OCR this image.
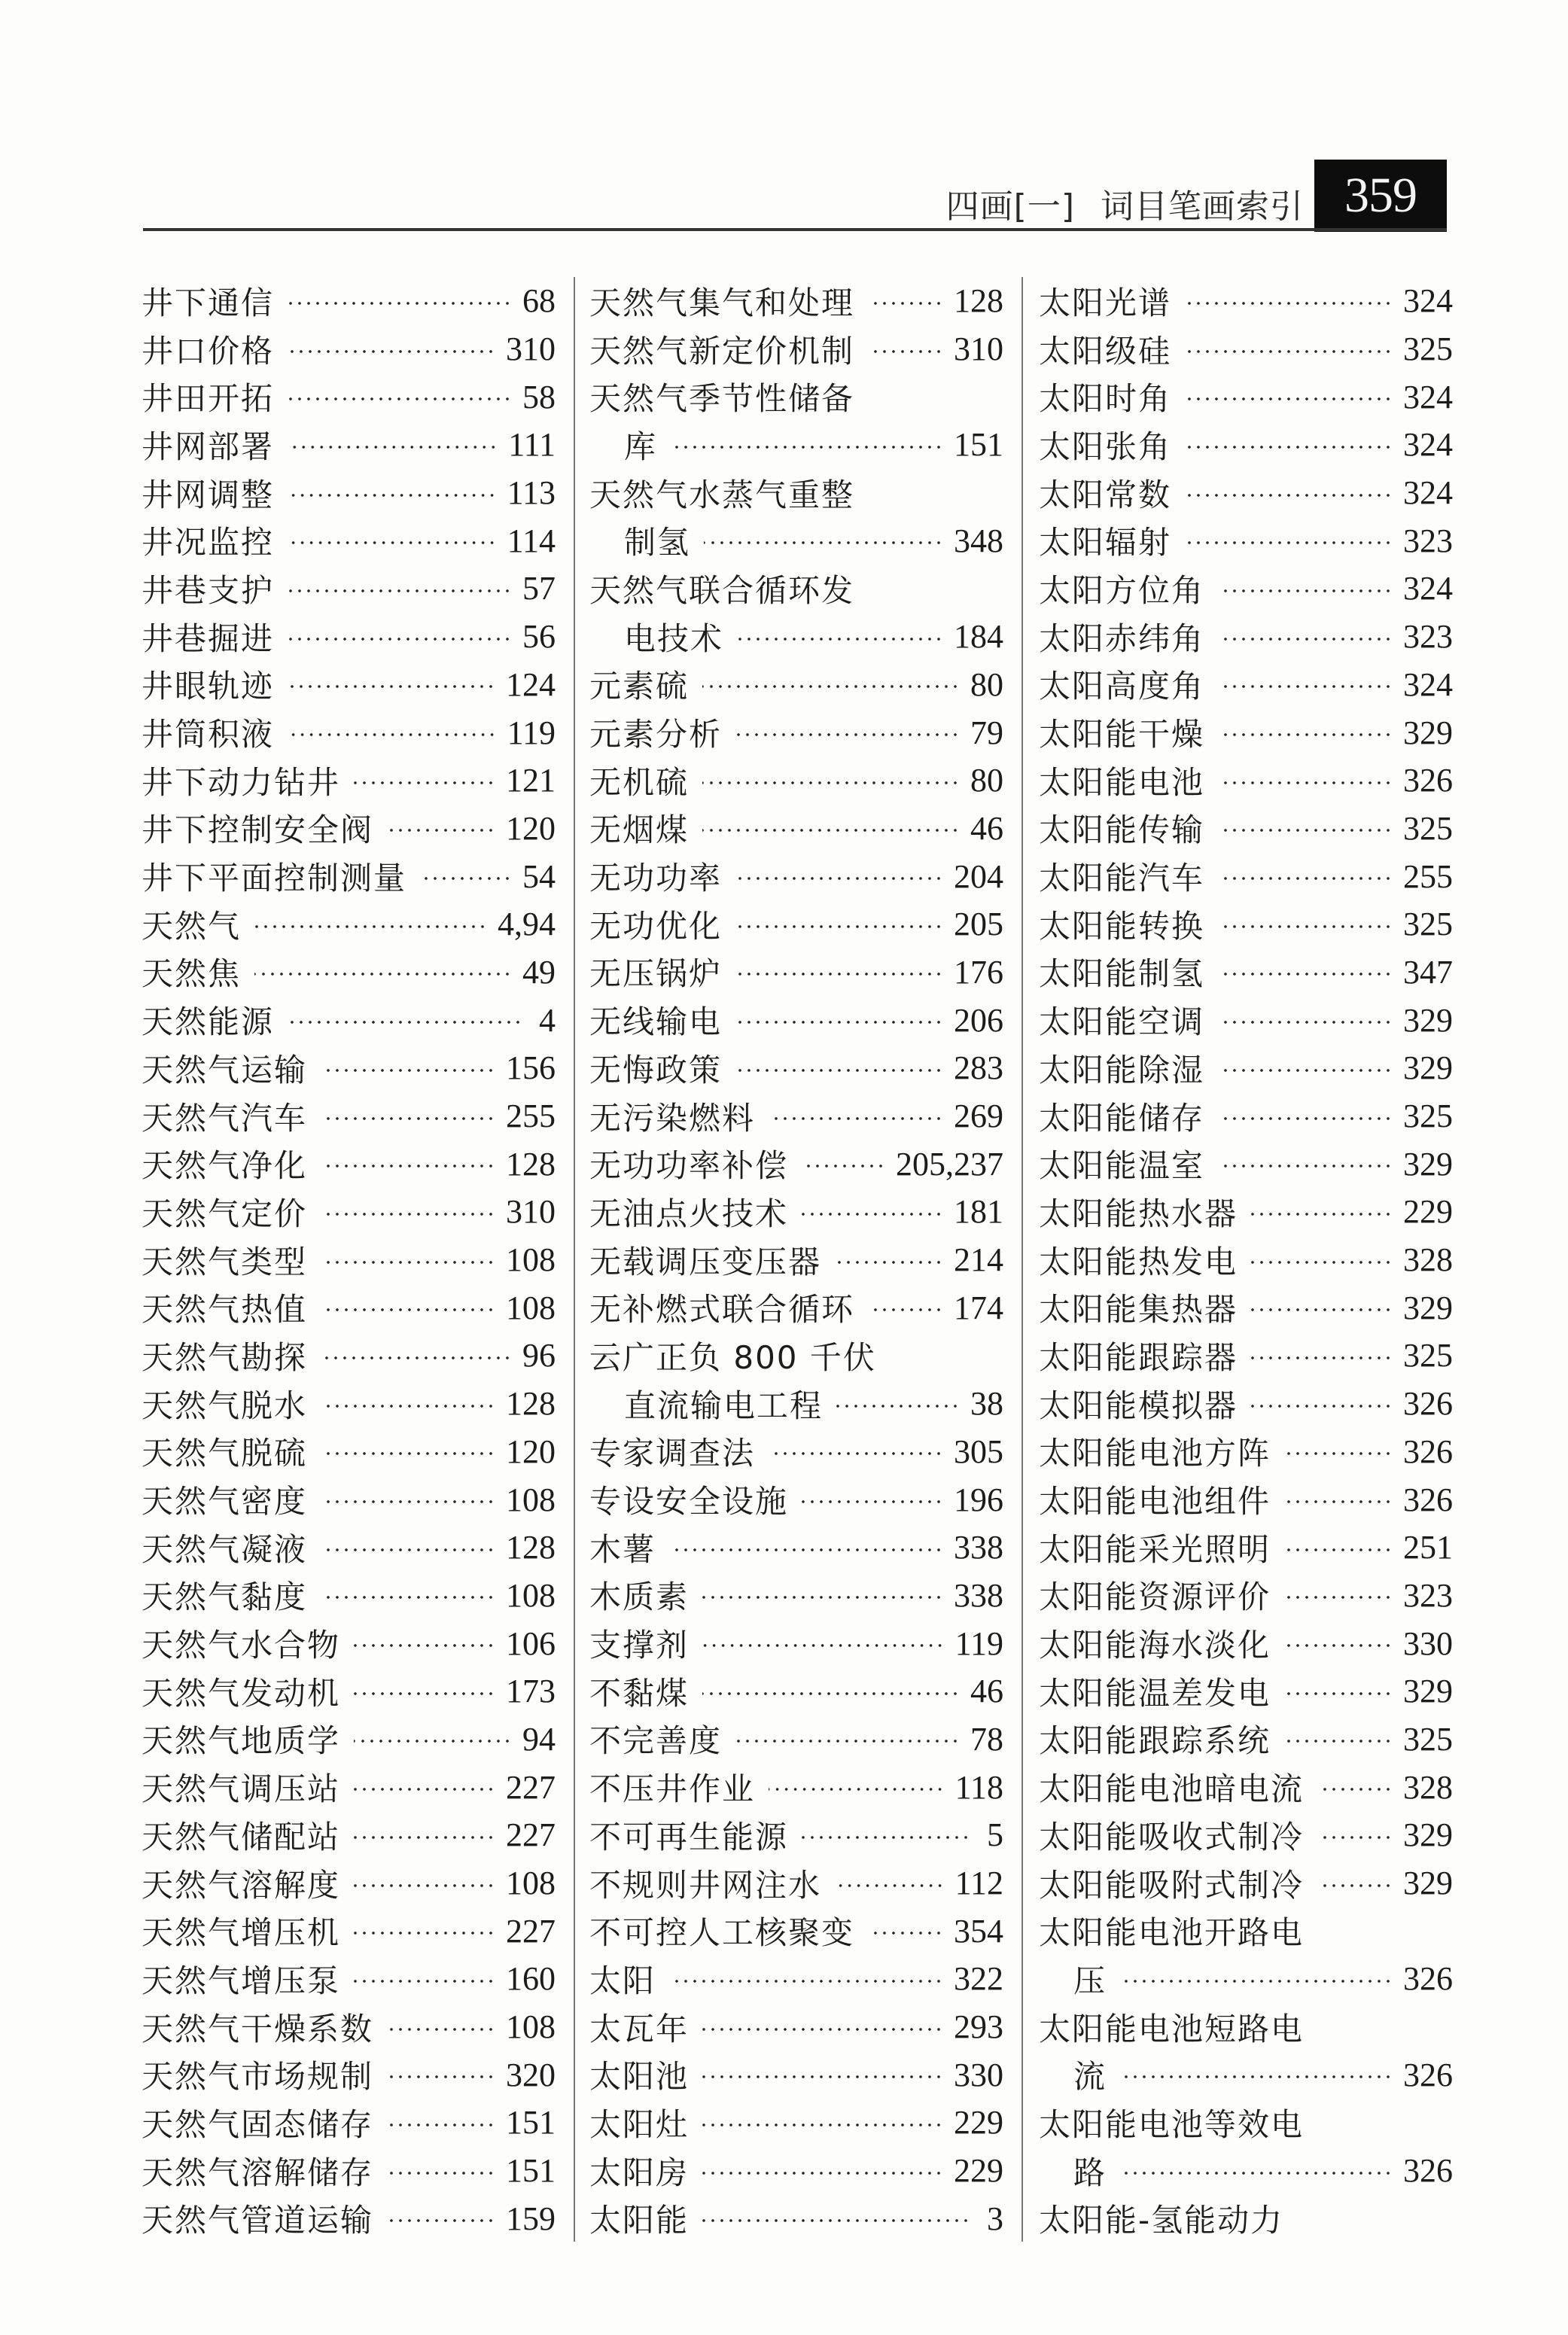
四画[一] 词目笔画索引 359
井下通信	68
井口价格	310
井田开拓	58
井网部署	111
井网调整	113
井况监控	114
井巷支护	57
井巷掘进	56
井眼轨迹	124
井筒积液	119
井下动力钻井	121
井下控制安全阀	120
井下平面控制测量	54
天然气	4,94
天然焦	49
天然能源	4
天然气运输	156
天然气汽车	255
天然气净化	128
天然气定价	310
天然气类型	108
天然气热值	108
天然气勘探	96
天然气脱水	128
天然气脱硫	120
天然气密度	108
天然气凝液	128
天然气黏度	108
天然气水合物	106
天然气发动机	173
天然气地质学	94
天然气调压站	227
天然气储配站	227
天然气溶解度	108
天然气增压机	227
天然气增压泵	160
天然气干燥系数	108
天然气市场规制	320
天然气固态储存	151
天然气溶解储存	151
天然气管道运输	159
天然气集气和处理	128
天然气新定价机制	310
天然气季节性储备
库	151
天然气水蒸气重整
制氢	348
天然气联合循环发
电技术	184
元素硫	80
元素分析	79
无机硫	80
无烟煤	46
无功功率	204
无功优化	205
无压锅炉	176
无线输电	206
无悔政策	283
无污染燃料	269
无功功率补偿	205,237
无油点火技术	181
无载调压变压器	214
无补燃式联合循环	174
云广正负 800 千伏
直流输电工程	38
专家调查法	305
专设安全设施	196
木薯	338
木质素	338
支撑剂	119
不黏煤	46
不完善度	78
不压井作业	118
不可再生能源	5
不规则井网注水	112
不可控人工核聚变	354
太阳	322
太瓦年	293
太阳池	330
太阳灶	229
太阳房	229
太阳能	3
太阳光谱	324
太阳级硅	325
太阳时角	324
太阳张角	324
太阳常数	324
太阳辐射	323
太阳方位角	324
太阳赤纬角	323
太阳高度角	324
太阳能干燥	329
太阳能电池	326
太阳能传输	325
太阳能汽车	255
太阳能转换	325
太阳能制氢	347
太阳能空调	329
太阳能除湿	329
太阳能储存	325
太阳能温室	329
太阳能热水器	229
太阳能热发电	328
太阳能集热器	329
太阳能跟踪器	325
太阳能模拟器	326
太阳能电池方阵	326
太阳能电池组件	326
太阳能采光照明	251
太阳能资源评价	323
太阳能海水淡化	330
太阳能温差发电	329
太阳能跟踪系统	325
太阳能电池暗电流	328
太阳能吸收式制冷	329
太阳能吸附式制冷	329
太阳能电池开路电
压	326
太阳能电池短路电
流	326
太阳能电池等效电
路	326
太阳能-氢能动力
